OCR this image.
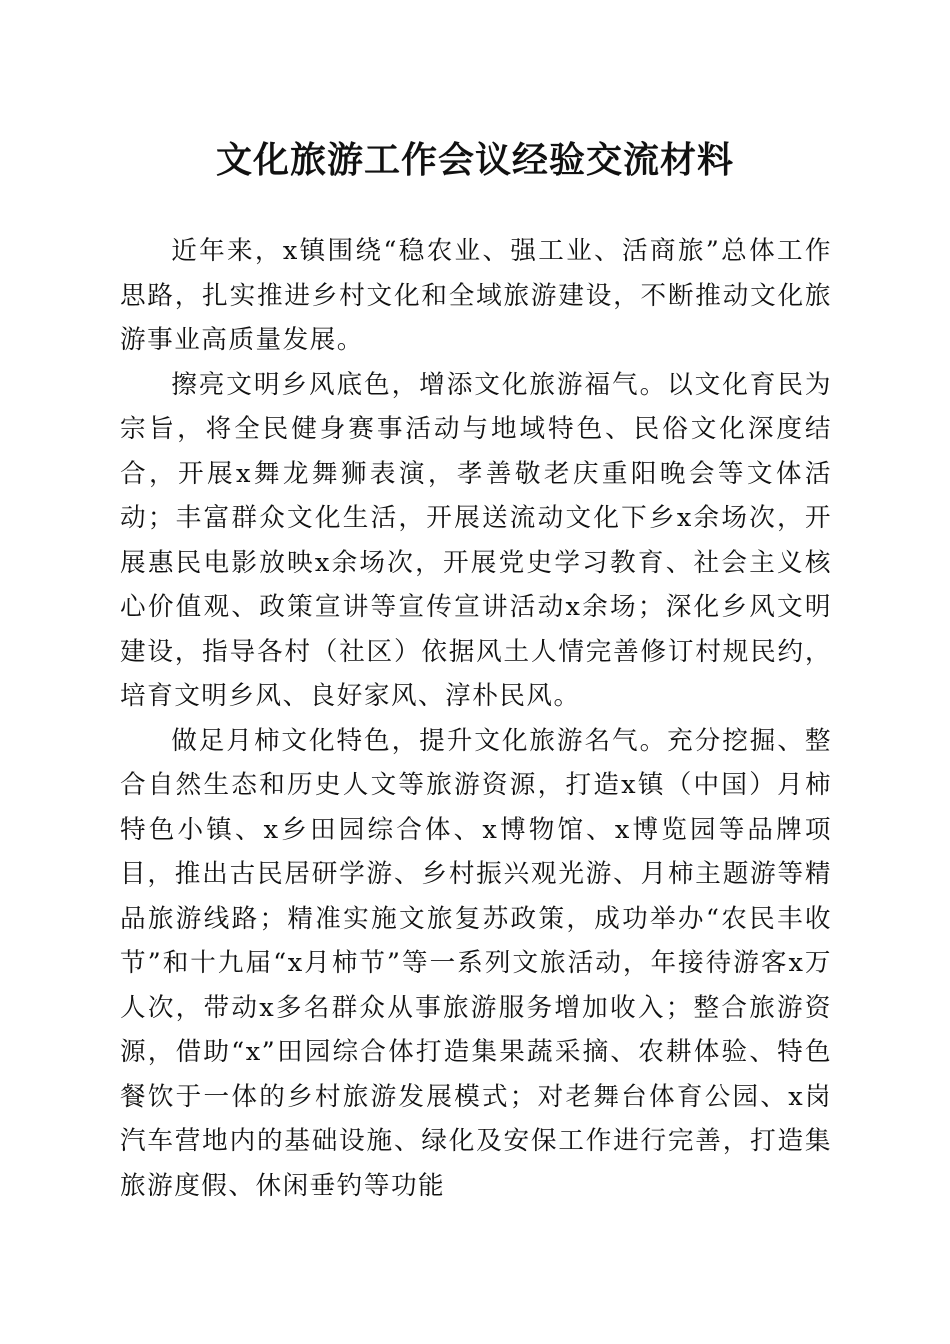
文化旅游工作会议经验交流材料

近年来，x镇围绕“稳农业、强工业、活商旅”总体工作思路，扎实推进乡村文化和全域旅游建设，不断推动文化旅游事业高质量发展。

擦亮文明乡风底色，增添文化旅游福气。以文化育民为宗旨，将全民健身赛事活动与地域特色、民俗文化深度结合，开展x舞龙舞狮表演，孝善敬老庆重阳晚会等文体活动；丰富群众文化生活，开展送流动文化下乡x余场次，开展惠民电影放映x余场次，开展党史学习教育、社会主义核心价值观、政策宣讲等宣传宣讲活动x余场；深化乡风文明建设，指导各村（社区）依据风土人情完善修订村规民约，培育文明乡风、良好家风、淳朴民风。

做足月柿文化特色，提升文化旅游名气。充分挖掘、整合自然生态和历史人文等旅游资源，打造x镇（中国）月柿特色小镇、x乡田园综合体、x博物馆、x博览园等品牌项目，推出古民居研学游、乡村振兴观光游、月柿主题游等精品旅游线路；精准实施文旅复苏政策，成功举办“农民丰收节”和十九届“x月柿节”等一系列文旅活动，年接待游客x万人次，带动x多名群众从事旅游服务增加收入；整合旅游资源，借助“x”田园综合体打造集果蔬采摘、农耕体验、特色餐饮于一体的乡村旅游发展模式；对老舞台体育公园、x岗汽车营地内的基础设施、绿化及安保工作进行完善，打造集旅游度假、休闲垂钓等功能
